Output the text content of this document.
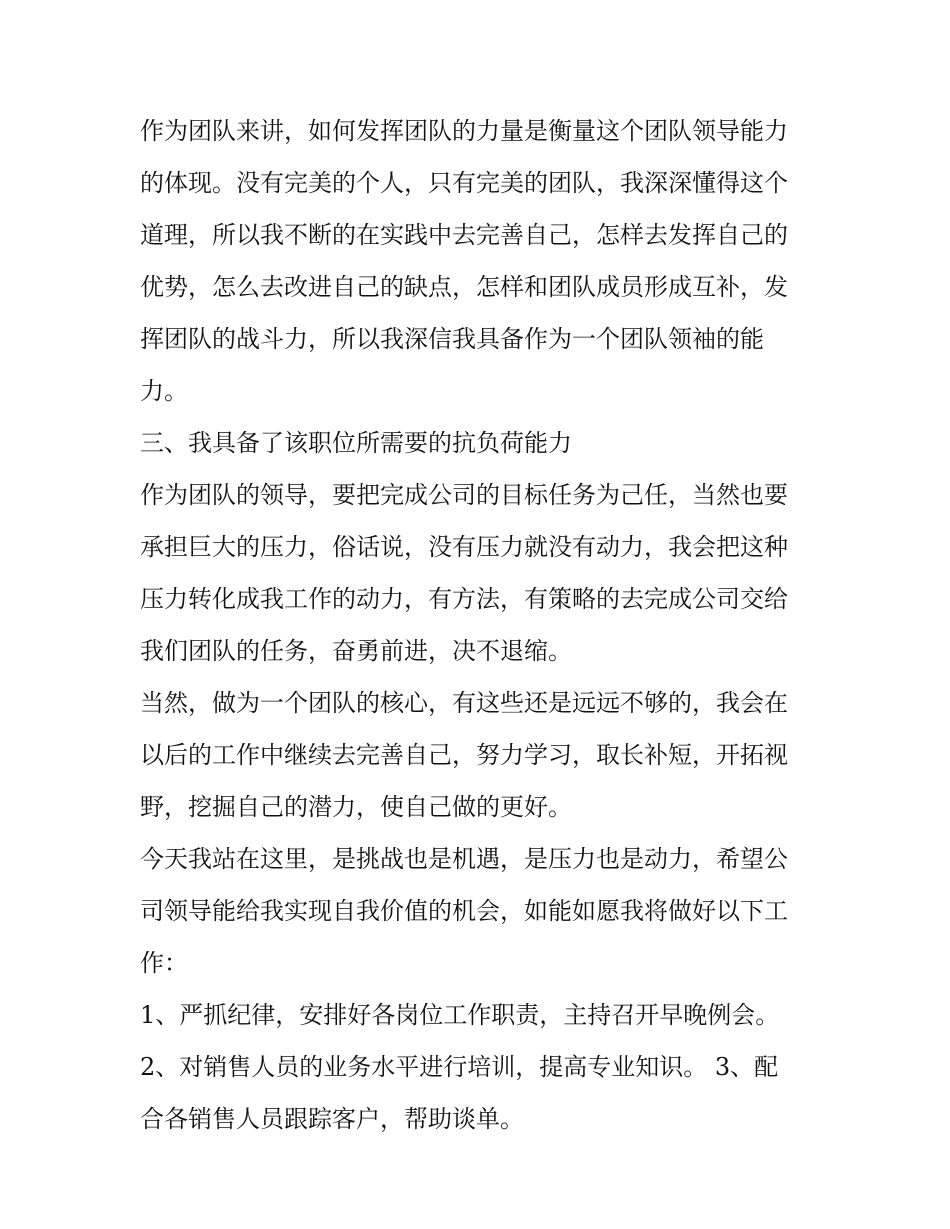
作为团队来讲，如何发挥团队的力量是衡量这个团队领导能力
的体现。没有完美的个人，只有完美的团队，我深深懂得这个
道理，所以我不断的在实践中去完善自己，怎样去发挥自己的
优势，怎么去改进自己的缺点，怎样和团队成员形成互补，发
挥团队的战斗力，所以我深信我具备作为一个团队领袖的能
力。
三、我具备了该职位所需要的抗负荷能力
作为团队的领导，要把完成公司的目标任务为己任，当然也要
承担巨大的压力，俗话说，没有压力就没有动力，我会把这种
压力转化成我工作的动力，有方法，有策略的去完成公司交给
我们团队的任务，奋勇前进，决不退缩。
当然，做为一个团队的核心，有这些还是远远不够的，我会在
以后的工作中继续去完善自己，努力学习，取长补短，开拓视
野，挖掘自己的潜力，使自己做的更好。
今天我站在这里，是挑战也是机遇，是压力也是动力，希望公
司领导能给我实现自我价值的机会，如能如愿我将做好以下工
作：
1、严抓纪律，安排好各岗位工作职责，主持召开早晚例会。
2、对销售人员的业务水平进行培训，提高专业知识。 3、配
合各销售人员跟踪客户，帮助谈单。
